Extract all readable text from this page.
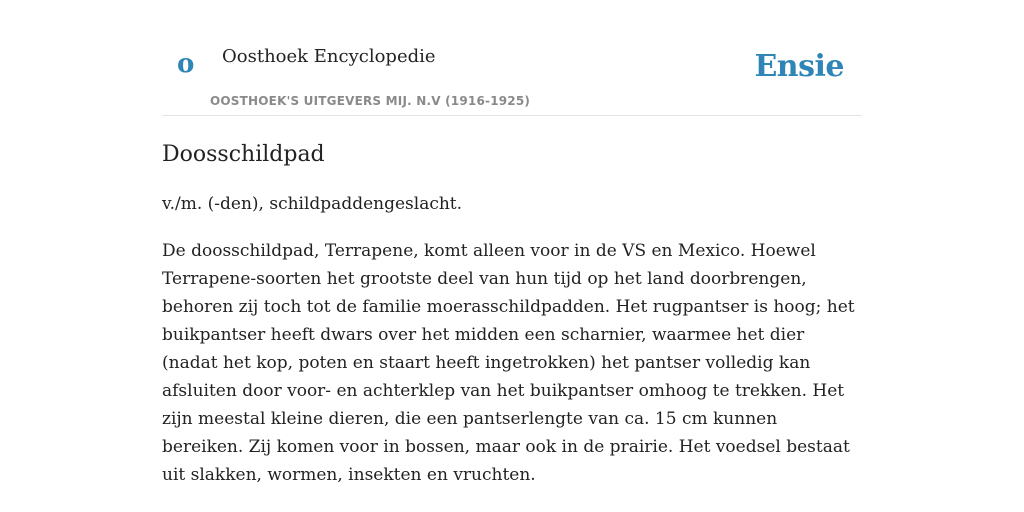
o Oosthoek Encyclopedie
OOSTHOEK'S UITGEVERS MIJ. N.V (1916-1925)
Ensie
Doosschildpad

v./m. (-den), schildpaddengeslacht.

De doosschildpad, Terrapene, komt alleen voor in de VS en Mexico. Hoewel Terrapene-soorten het grootste deel van hun tijd op het land doorbrengen, behoren zij toch tot de familie moerasschildpadden. Het rugpantser is hoog; het buikpantser heeft dwars over het midden een scharnier, waarmee het dier (nadat het kop, poten en staart heeft ingetrokken) het pantser volledig kan afsluiten door voor- en achterklep van het buikpantser omhoog te trekken. Het zijn meestal kleine dieren, die een pantserlengte van ca. 15 cm kunnen bereiken. Zij komen voor in bossen, maar ook in de prairie. Het voedsel bestaat uit slakken, wormen, insekten en vruchten.
